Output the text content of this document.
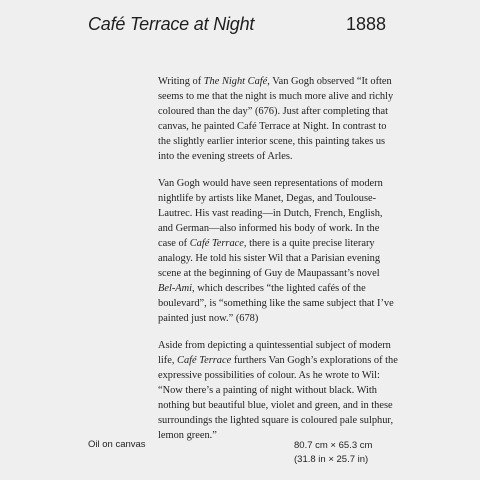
Café Terrace at Night	1888

Writing of The Night Café, Van Gogh observed “It often seems to me that the night is much more alive and richly coloured than the day” (676). Just after completing that canvas, he painted Café Terrace at Night. In contrast to the slightly earlier interior scene, this painting takes us into the evening streets of Arles.

Van Gogh would have seen representations of modern nightlife by artists like Manet, Degas, and Toulouse-Lautrec. His vast reading—in Dutch, French, English, and German—also informed his body of work. In the case of Café Terrace, there is a quite precise literary analogy. He told his sister Wil that a Parisian evening scene at the beginning of Guy de Maupassant’s novel Bel-Ami, which describes “the lighted cafés of the boulevard”, is “something like the same subject that I’ve painted just now.” (678)

Aside from depicting a quintessential subject of modern life, Café Terrace furthers Van Gogh’s explorations of the expressive possibilities of colour. As he wrote to Wil: “Now there’s a painting of night without black. With nothing but beautiful blue, violet and green, and in these surroundings the lighted square is coloured pale sulphur, lemon green.”

Oil on canvas	80.7 cm × 65.3 cm
(31.8 in × 25.7 in)
